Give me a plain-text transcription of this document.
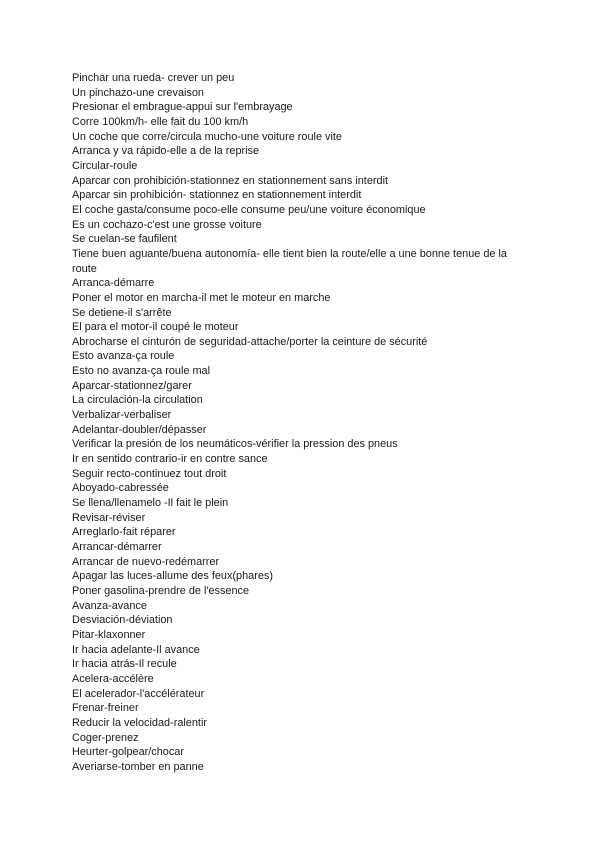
Pinchar una rueda- crever un peu
Un pinchazo-une crevaison
Presionar el embrague-appui sur l'embrayage
Corre 100km/h- elle fait du 100 km/h
Un coche que corre/circula mucho-une voiture roule vite
Arranca y va rápido-elle a de la reprise
Circular-roule
Aparcar con prohibición-stationnez en stationnement sans interdit
Aparcar sin prohibición- stationnez en stationnement interdit
El coche gasta/consume poco-elle consume peu/une voiture économique
Es un cochazo-c'est une grosse voiture
Se cuelan-se faufilent
Tiene buen aguante/buena autonomía- elle tient bien la route/elle a une bonne tenue de la route
Arranca-démarre
Poner el motor en marcha-il met le moteur en marche
Se detiene-il s'arrête
El para el motor-il coupé le moteur
Abrocharse el cinturón de seguridad-attache/porter la ceinture de sécurité
Esto avanza-ça roule
Esto no avanza-ça roule mal
Aparcar-stationnez/garer
La circulación-la circulation
Verbalizar-verbaliser
Adelantar-doubler/dépasser
Verificar la presión de los neumáticos-vérifier la pression des pneus
Ir en sentido contrario-ir en contre sance
Seguir recto-continuez tout droit
Aboyado-cabressée
Se llena/llenamelo -Il fait le plein
Revisar-réviser
Arreglarlo-fait réparer
Arrancar-démarrer
Arrancar de nuevo-redémarrer
Apagar las luces-allume des feux(phares)
Poner gasolina-prendre de l'essence
Avanza-avance
Desviación-déviation
Pitar-klaxonner
Ir hacia adelante-Il avance
Ir hacia atrás-Il recule
Acelera-accélère
El acelerador-l'accélérateur
Frenar-freiner
Reducir la velocidad-ralentir
Coger-prenez
Heurter-golpear/chocar
Averiarse-tomber en panne
